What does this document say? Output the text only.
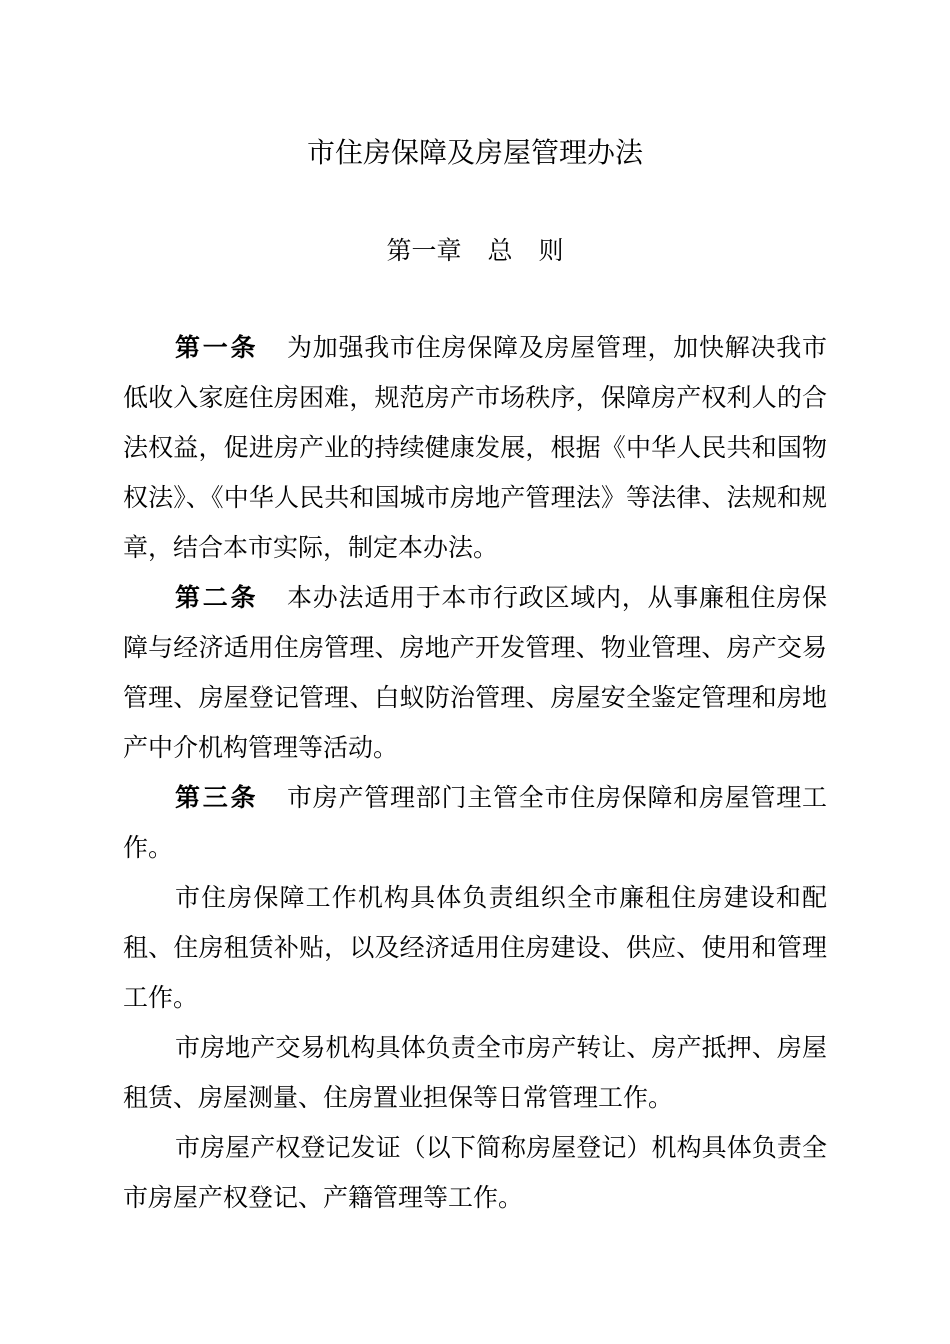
市住房保障及房屋管理办法
第一章 总 则

第一条 为加强我市住房保障及房屋管理，加快解决我市低收入家庭住房困难，规范房产市场秩序，保障房产权利人的合法权益，促进房产业的持续健康发展，根据《中华人民共和国物权法》、《中华人民共和国城市房地产管理法》等法律、法规和规章，结合本市实际，制定本办法。

第二条 本办法适用于本市行政区域内，从事廉租住房保障与经济适用住房管理、房地产开发管理、物业管理、房产交易管理、房屋登记管理、白蚁防治管理、房屋安全鉴定管理和房地产中介机构管理等活动。

第三条 市房产管理部门主管全市住房保障和房屋管理工作。

市住房保障工作机构具体负责组织全市廉租住房建设和配租、住房租赁补贴，以及经济适用住房建设、供应、使用和管理工作。

市房地产交易机构具体负责全市房产转让、房产抵押、房屋租赁、房屋测量、住房置业担保等日常管理工作。

市房屋产权登记发证（以下简称房屋登记）机构具体负责全市房屋产权登记、产籍管理等工作。
